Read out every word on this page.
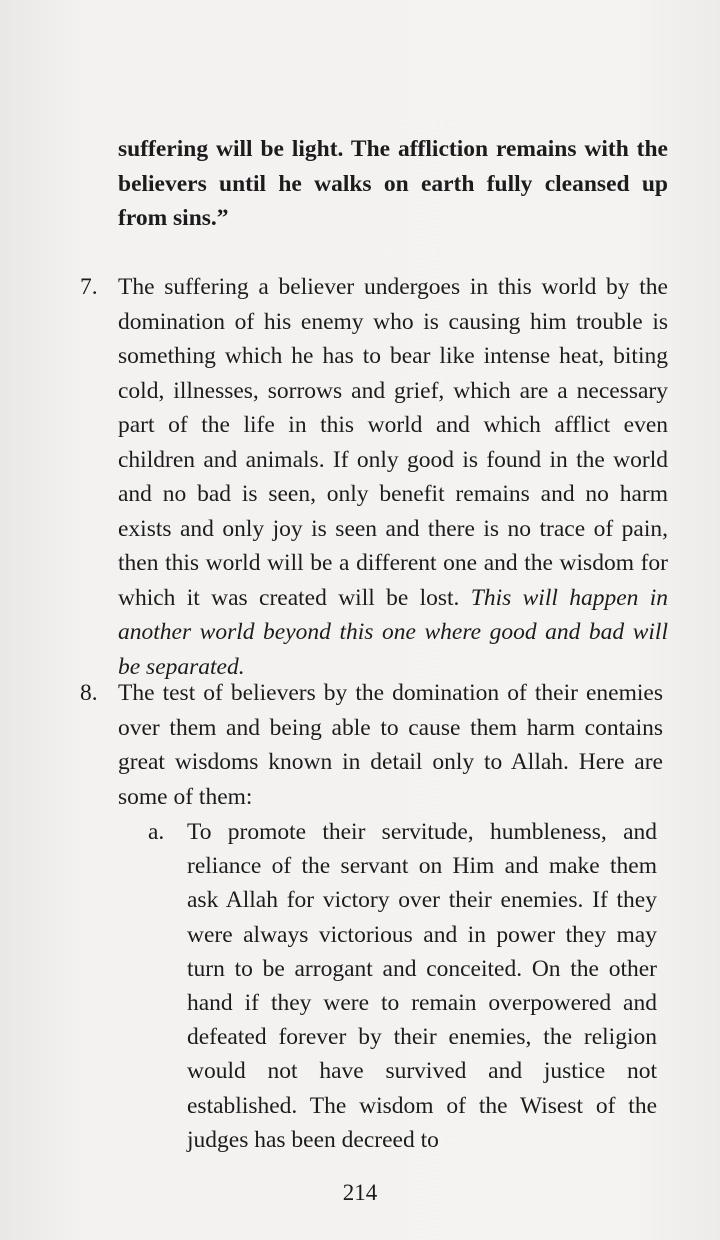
suffering will be light. The affliction remains with the believers until he walks on earth fully cleansed up from sins.”
7. The suffering a believer undergoes in this world by the domination of his enemy who is causing him trouble is something which he has to bear like intense heat, biting cold, illnesses, sorrows and grief, which are a necessary part of the life in this world and which afflict even children and animals. If only good is found in the world and no bad is seen, only benefit remains and no harm exists and only joy is seen and there is no trace of pain, then this world will be a different one and the wisdom for which it was created will be lost. This will happen in another world beyond this one where good and bad will be separated.
8. The test of believers by the domination of their enemies over them and being able to cause them harm contains great wisdoms known in detail only to Allah. Here are some of them:
a. To promote their servitude, humbleness, and reliance of the servant on Him and make them ask Allah for victory over their enemies. If they were always victorious and in power they may turn to be arrogant and conceited. On the other hand if they were to remain overpowered and defeated forever by their enemies, the religion would not have survived and justice not established. The wisdom of the Wisest of the judges has been decreed to
214
